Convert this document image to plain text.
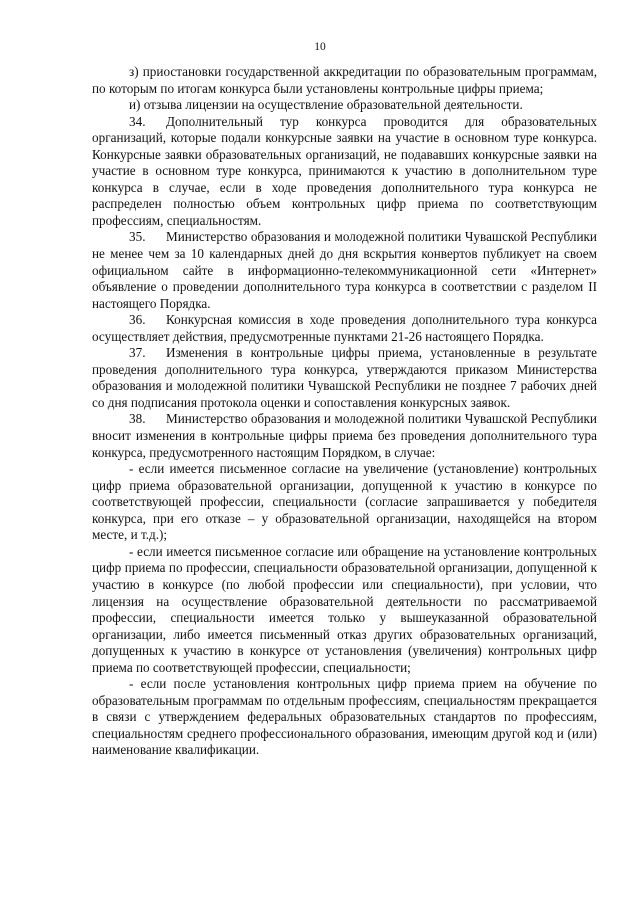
10

з) приостановки государственной аккредитации по образовательным программам, по которым по итогам конкурса были установлены контрольные цифры приема;

и) отзыва лицензии на осуществление образовательной деятельности.

34. Дополнительный тур конкурса проводится для образовательных организаций, которые подали конкурсные заявки на участие в основном туре конкурса. Конкурсные заявки образовательных организаций, не подававших конкурсные заявки на участие в основном туре конкурса, принимаются к участию в дополнительном туре конкурса в случае, если в ходе проведения дополнительного тура конкурса не распределен полностью объем контрольных цифр приема по соответствующим профессиям, специальностям.

35. Министерство образования и молодежной политики Чувашской Республики не менее чем за 10 календарных дней до дня вскрытия конвертов публикует на своем официальном сайте в информационно-телекоммуникационной сети «Интернет» объявление о проведении дополнительного тура конкурса в соответствии с разделом II настоящего Порядка.

36. Конкурсная комиссия в ходе проведения дополнительного тура конкурса осуществляет действия, предусмотренные пунктами 21-26 настоящего Порядка.

37. Изменения в контрольные цифры приема, установленные в результате проведения дополнительного тура конкурса, утверждаются приказом Министерства образования и молодежной политики Чувашской Республики не позднее 7 рабочих дней со дня подписания протокола оценки и сопоставления конкурсных заявок.

38. Министерство образования и молодежной политики Чувашской Республики вносит изменения в контрольные цифры приема без проведения дополнительного тура конкурса, предусмотренного настоящим Порядком, в случае:

- если имеется письменное согласие на увеличение (установление) контрольных цифр приема образовательной организации, допущенной к участию в конкурсе по соответствующей профессии, специальности (согласие запрашивается у победителя конкурса, при его отказе – у образовательной организации, находящейся на втором месте, и т.д.);

- если имеется письменное согласие или обращение на установление контрольных цифр приема по профессии, специальности образовательной организации, допущенной к участию в конкурсе (по любой профессии или специальности), при условии, что лицензия на осуществление образовательной деятельности по рассматриваемой профессии, специальности имеется только у вышеуказанной образовательной организации, либо имеется письменный отказ других образовательных организаций, допущенных к участию в конкурсе от установления (увеличения) контрольных цифр приема по соответствующей профессии, специальности;

- если после установления контрольных цифр приема прием на обучение по образовательным программам по отдельным профессиям, специальностям прекращается в связи с утверждением федеральных образовательных стандартов по профессиям, специальностям среднего профессионального образования, имеющим другой код и (или) наименование квалификации.
